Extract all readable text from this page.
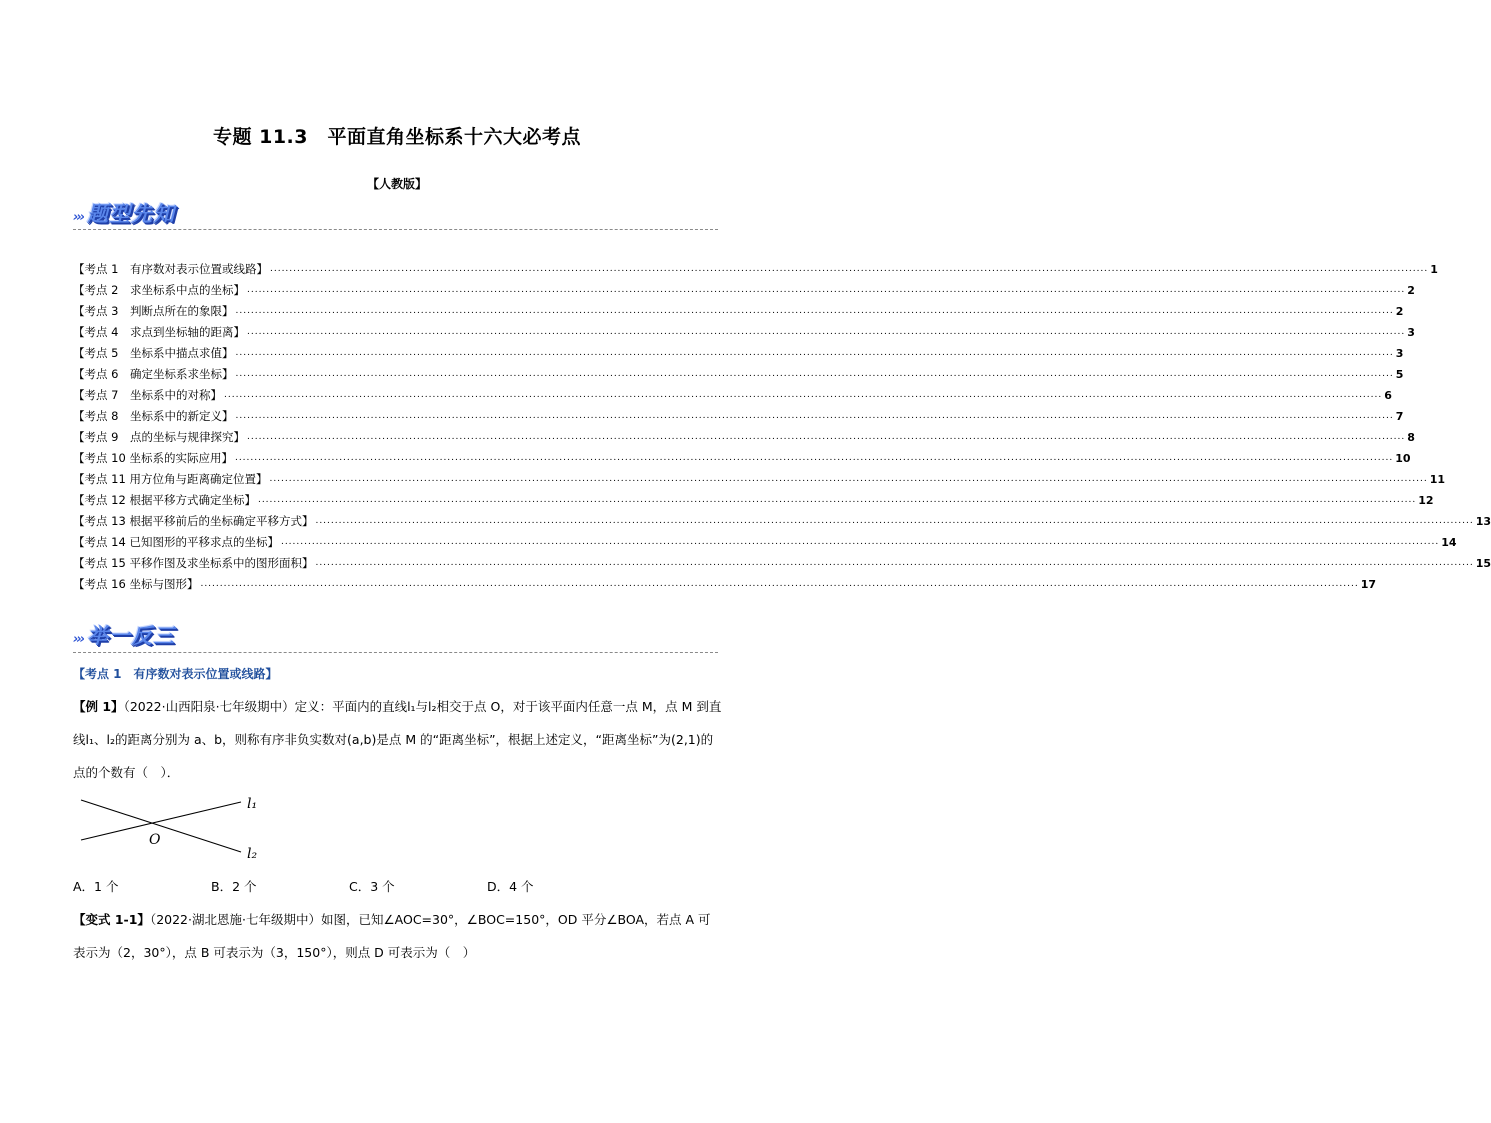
专题 11.3　平面直角坐标系十六大必考点
【人教版】
››› 题型先知
【考点 1　有序数对表示位置或线路】 ............................................................................................................................................................................................................................................................................................................ 1
【考点 2　求坐标系中点的坐标】 ............................................................................................................................................................................................................................................................................................................ 2
【考点 3　判断点所在的象限】 ............................................................................................................................................................................................................................................................................................................ 2
【考点 4　求点到坐标轴的距离】 ............................................................................................................................................................................................................................................................................................................ 3
【考点 5　坐标系中描点求值】 ............................................................................................................................................................................................................................................................................................................ 3
【考点 6　确定坐标系求坐标】 ............................................................................................................................................................................................................................................................................................................ 5
【考点 7　坐标系中的对称】 ............................................................................................................................................................................................................................................................................................................ 6
【考点 8　坐标系中的新定义】 ............................................................................................................................................................................................................................................................................................................ 7
【考点 9　点的坐标与规律探究】 ............................................................................................................................................................................................................................................................................................................ 8
【考点 10 坐标系的实际应用】 ............................................................................................................................................................................................................................................................................................................ 10
【考点 11 用方位角与距离确定位置】 ............................................................................................................................................................................................................................................................................................................ 11
【考点 12 根据平移方式确定坐标】 ............................................................................................................................................................................................................................................................................................................ 12
【考点 13 根据平移前后的坐标确定平移方式】 ............................................................................................................................................................................................................................................................................................................ 13
【考点 14 已知图形的平移求点的坐标】 ............................................................................................................................................................................................................................................................................................................ 14
【考点 15 平移作图及求坐标系中的图形面积】 ............................................................................................................................................................................................................................................................................................................ 15
【考点 16 坐标与图形】 ............................................................................................................................................................................................................................................................................................................ 17
››› 举一反三
【考点 1　有序数对表示位置或线路】
【例 1】（2022·山西阳泉·七年级期中）定义：平面内的直线l₁与l₂相交于点 O，对于该平面内任意一点 M，点 M 到直线l₁、l₂的距离分别为 a、b，则称有序非负实数对(a,b)是点 M 的“距离坐标”，根据上述定义，“距离坐标”为(2,1)的点的个数有（　）．
l₁
l₂
O
A．1 个	B．2 个	C．3 个	D．4 个
【变式 1-1】（2022·湖北恩施·七年级期中）如图，已知∠AOC=30°，∠BOC=150°，OD 平分∠BOA，若点 A 可表示为（2，30°），点 B 可表示为（3，150°），则点 D 可表示为（　）
